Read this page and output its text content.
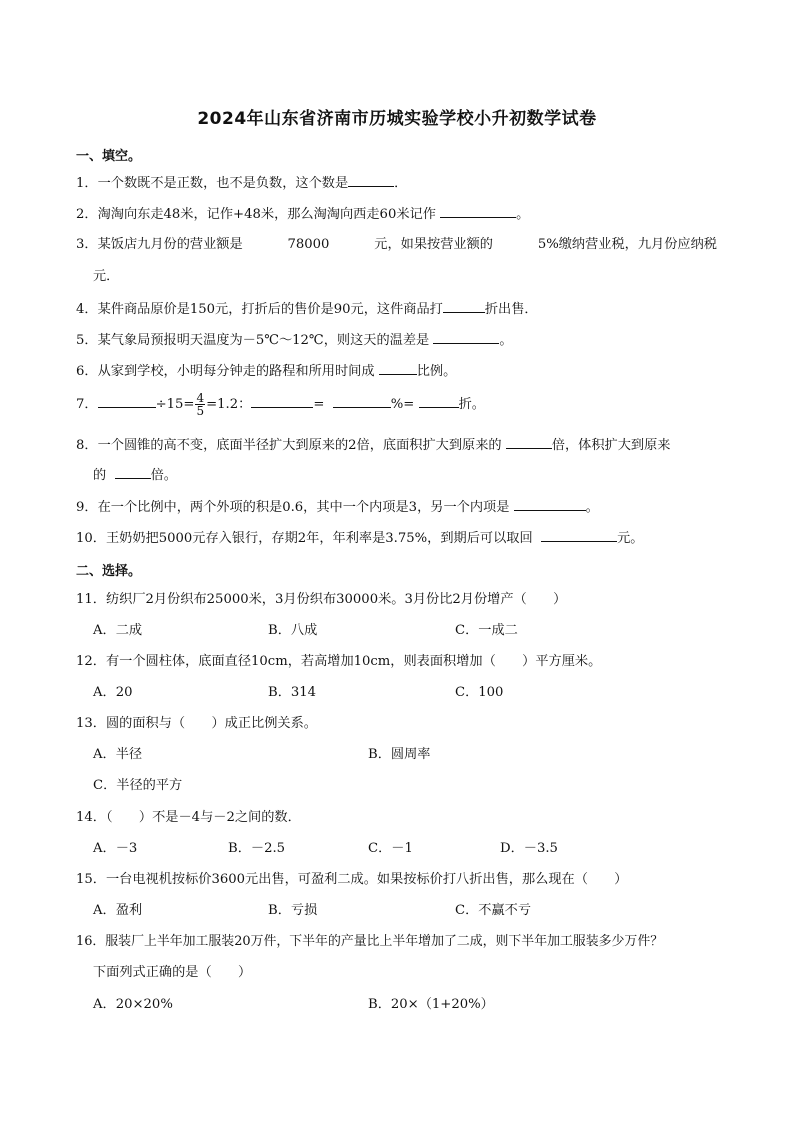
2024年山东省济南市历城实验学校小升初数学试卷
一、填空。
1．一个数既不是正数，也不是负数，这个数是	．
2．淘淘向东走48米，记作+48米，那么淘淘向西走60米记作	。
3．某饭店九月份的营业额是	78000	元，如果按营业额的	5%缴纳营业税，九月份应纳税
元．
4．某件商品原价是150元，打折后的售价是90元，这件商品打	折出售．
5．某气象局预报明天温度为－5℃～12℃，则这天的温差是	。
6．从家到学校，小明每分钟走的路程和所用时间成	比例。
7．	$\div 15= \frac{4}{5} =1.2$：	=	%=	折。
8．一个圆锥的高不变，底面半径扩大到原来的2倍，底面积扩大到原来的	倍，体积扩大到原来
的	倍。
9．在一个比例中，两个外项的积是0.6，其中一个内项是3，另一个内项是	。
10．王奶奶把5000元存入银行，存期2年，年利率是3.75%，到期后可以取回	元。
二、选择。
11．纺织厂2月份织布25000米，3月份织布30000米。3月份比2月份增产（　　）
A．二成	B．八成	C．一成二
12．有一个圆柱体，底面直径10cm，若高增加10cm，则表面积增加（　　）平方厘米。
A．20	B．314	C．100
13．圆的面积与（　　）成正比例关系。
A．半径	B．圆周率
C．半径的平方
14．（　　）不是－4与－2之间的数．
A．－3	B．－2.5	C．－1	D．－3.5
15．一台电视机按标价3600元出售，可盈利二成。如果按标价打八折出售，那么现在（　　）
A．盈利	B．亏损	C．不赢不亏
16．服装厂上半年加工服装20万件，下半年的产量比上半年增加了二成，则下半年加工服装多少万件？
下面列式正确的是（　　）
A．20×20%	B．20×（1+20%）
